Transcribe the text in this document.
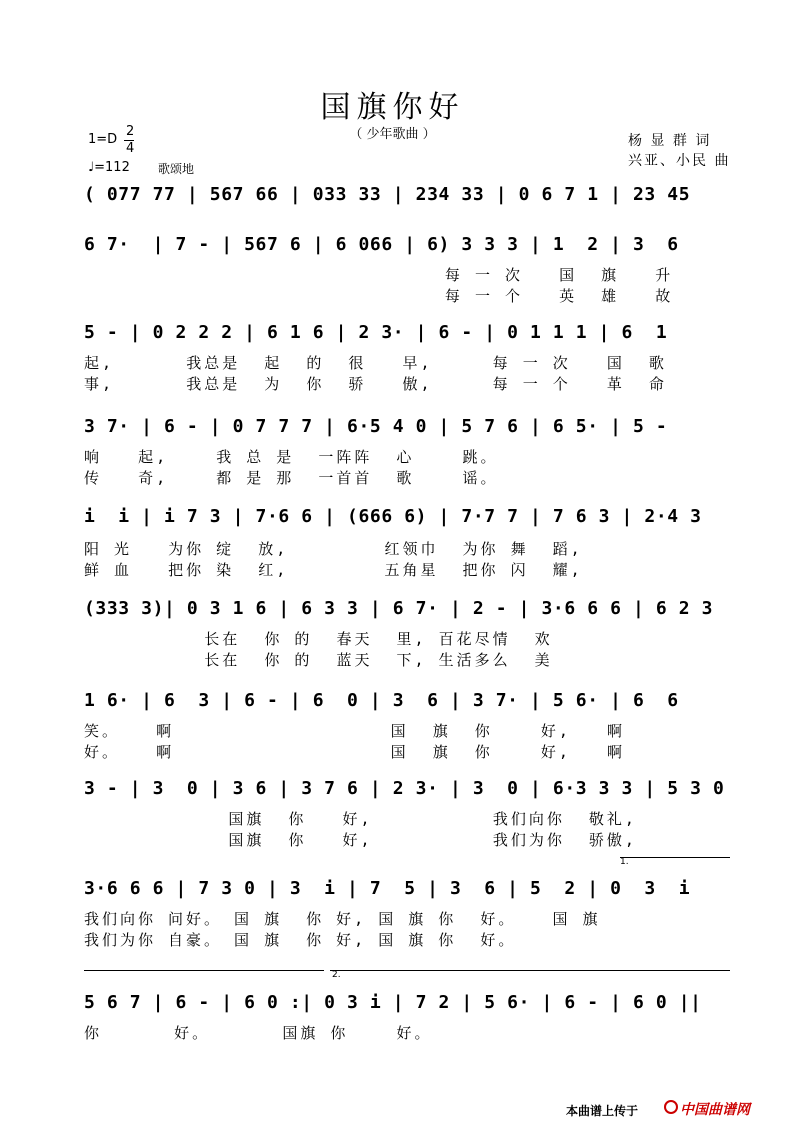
国旗你好
（ 少年歌曲 ）	杨 显 群 词
兴亚、小民 曲
1=D
2
4
♩=112 歌颂地
( 077 77 | 567 66 | 033 33 | 234 33 | 0 6 7 1 | 23 45
6 7·  | 7 - | 567 6 | 6 066 | 6) 3 3 3 | 1  2 | 3  6
每 一 次   国  旗   升
每 一 个   英  雄   故
5 - | 0 2 2 2 | 6 1 6 | 2 3· | 6 - | 0 1 1 1 | 6  1
起,      我总是  起  的  很   早,     每 一 次   国  歌
事,      我总是  为  你  骄   傲,     每 一 个   革  命
3 7· | 6 - | 0 7 7 7 | 6·5 4 0 | 5 7 6 | 6 5· | 5 -
响   起,    我 总 是  一阵阵  心    跳。
传   奇,    都 是 那  一首首  歌    谣。
i  i | i 7 3 | 7·6 6 | (666 6) | 7·7 7 | 7 6 3 | 2·4 3
阳 光   为你 绽  放,        红领巾  为你 舞  蹈,
鲜 血   把你 染  红,        五角星  把你 闪  耀,
(333 3)| 0 3 1 6 | 6 3 3 | 6 7· | 2 - | 3·6 6 6 | 6 2 3
长在  你 的  春天  里, 百花尽情  欢
长在  你 的  蓝天  下, 生活多么  美
1 6· | 6  3 | 6 - | 6  0 | 3  6 | 3 7· | 5 6· | 6  6
笑。   啊                  国  旗  你    好,   啊
好。   啊                  国  旗  你    好,   啊
3 - | 3  0 | 3 6 | 3 7 6 | 2 3· | 3  0 | 6·3 3 3 | 5 3 0
国旗  你   好,          我们向你  敬礼,
国旗  你   好,          我们为你  骄傲,
1.
3·6 6 6 | 7 3 0 | 3  i | 7  5 | 3  6 | 5  2 | 0  3  i
我们向你 问好。 国 旗  你 好, 国 旗 你  好。   国 旗
我们为你 自豪。 国 旗  你 好, 国 旗 你  好。
2.
5 6 7 | 6 - | 6 0 :| 0 3 i | 7 2 | 5 6· | 6 - | 6 0 ||
你      好。      国旗 你    好。
本曲谱上传于	中国曲谱网
